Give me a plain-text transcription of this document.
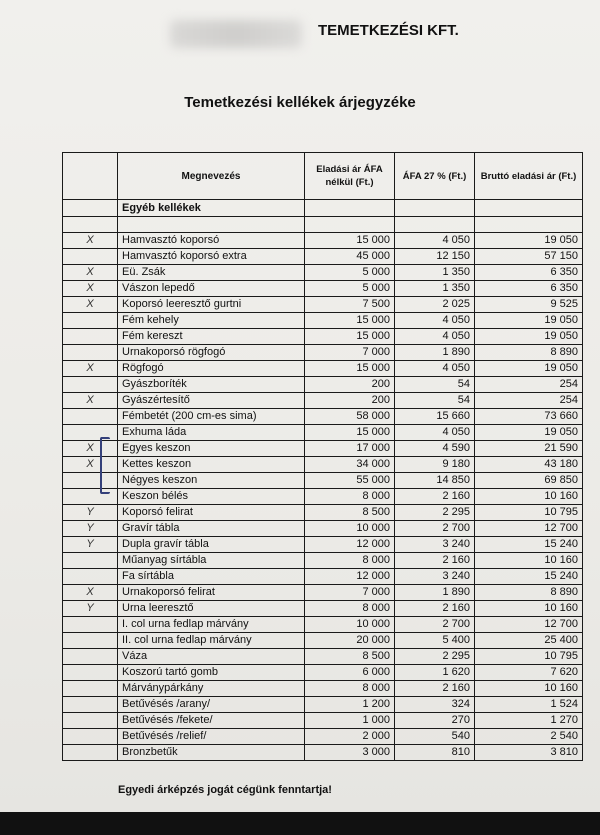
TEMETKEZÉSI KFT.
Temetkezési kellékek árjegyzéke
	Megnevezés	Eladási ár ÁFA nélkül (Ft.)	ÁFA 27 % (Ft.)	Bruttó eladási ár (Ft.)
	Egyéb kellékek			

X	Hamvasztó koporsó	15 000	4 050	19 050
	Hamvasztó koporsó extra	45 000	12 150	57 150
X	Eü. Zsák	5 000	1 350	6 350
X	Vászon lepedő	5 000	1 350	6 350
X	Koporsó leeresztő gurtni	7 500	2 025	9 525
	Fém kehely	15 000	4 050	19 050
	Fém kereszt	15 000	4 050	19 050
	Urnakoporsó rögfogó	7 000	1 890	8 890
X	Rögfogó	15 000	4 050	19 050
	Gyászboríték	200	54	254
X	Gyászértesítő	200	54	254
	Fémbetét (200 cm-es sima)	58 000	15 660	73 660
	Exhuma láda	15 000	4 050	19 050
X	Egyes keszon	17 000	4 590	21 590
X	Kettes keszon	34 000	9 180	43 180
	Négyes keszon	55 000	14 850	69 850
	Keszon bélés	8 000	2 160	10 160
Y	Koporsó felirat	8 500	2 295	10 795
Y	Gravír tábla	10 000	2 700	12 700
Y	Dupla gravír tábla	12 000	3 240	15 240
	Műanyag sírtábla	8 000	2 160	10 160
	Fa sírtábla	12 000	3 240	15 240
X	Urnakoporsó felirat	7 000	1 890	8 890
Y	Urna leeresztő	8 000	2 160	10 160
	I. col urna fedlap márvány	10 000	2 700	12 700
	II. col urna fedlap márvány	20 000	5 400	25 400
	Váza	8 500	2 295	10 795
	Koszorú tartó gomb	6 000	1 620	7 620
	Márványpárkány	8 000	2 160	10 160
	Betűvésés /arany/	1 200	324	1 524
	Betűvésés /fekete/	1 000	270	1 270
	Betűvésés /relief/	2 000	540	2 540
	Bronzbetűk	3 000	810	3 810
Egyedi árképzés jogát cégünk fenntartja!
